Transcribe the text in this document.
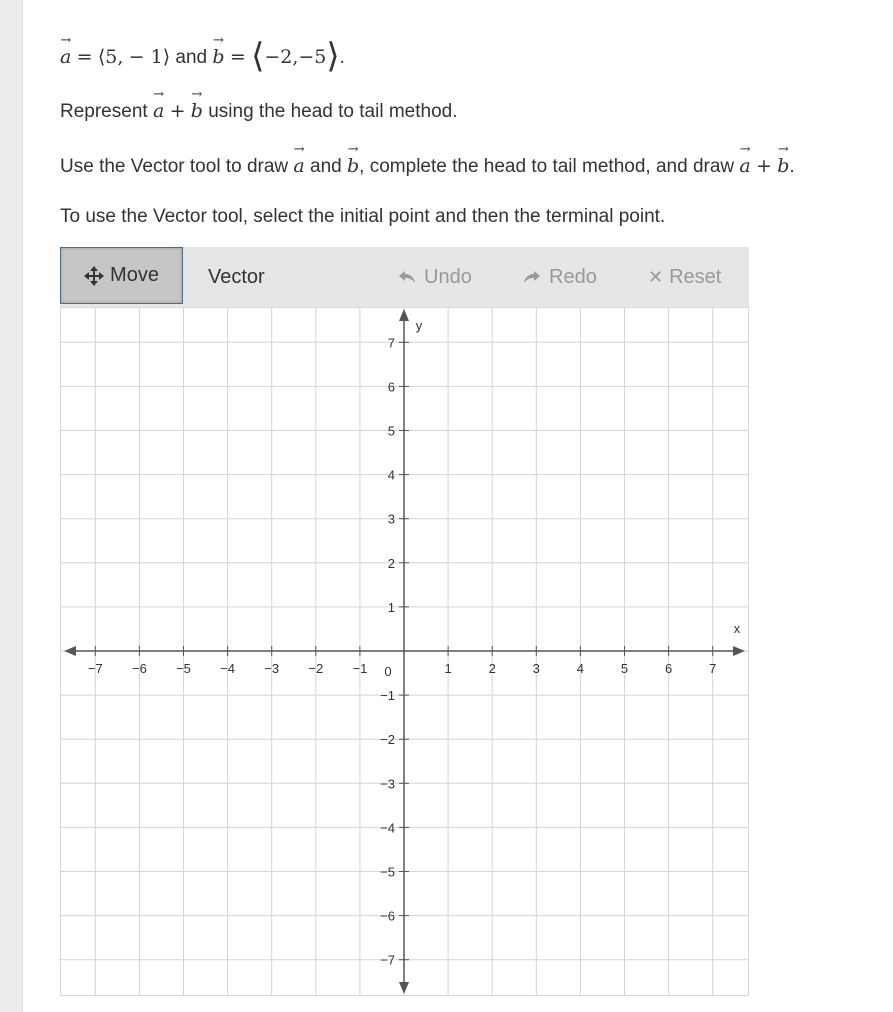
→
a = ⟨5, − 1⟩ and
→
b = ⟨−2,−5⟩.
Represent
→
a +
→
b using the head to tail method.
Use the Vector tool to draw
→
a and
→
b, complete the head to tail method, and draw
→
a +
→
b.
To use the Vector tool, select the initial point and then the terminal point.
Move Vector	Undo	Redo	✕ Reset
x
y
0
−7 −6 −5 −4 −3 −2 −1	1	2	3	4	5	6	7
7
6
5
4
3
2
1
−1
−2
−3
−4
−5
−6
−7
